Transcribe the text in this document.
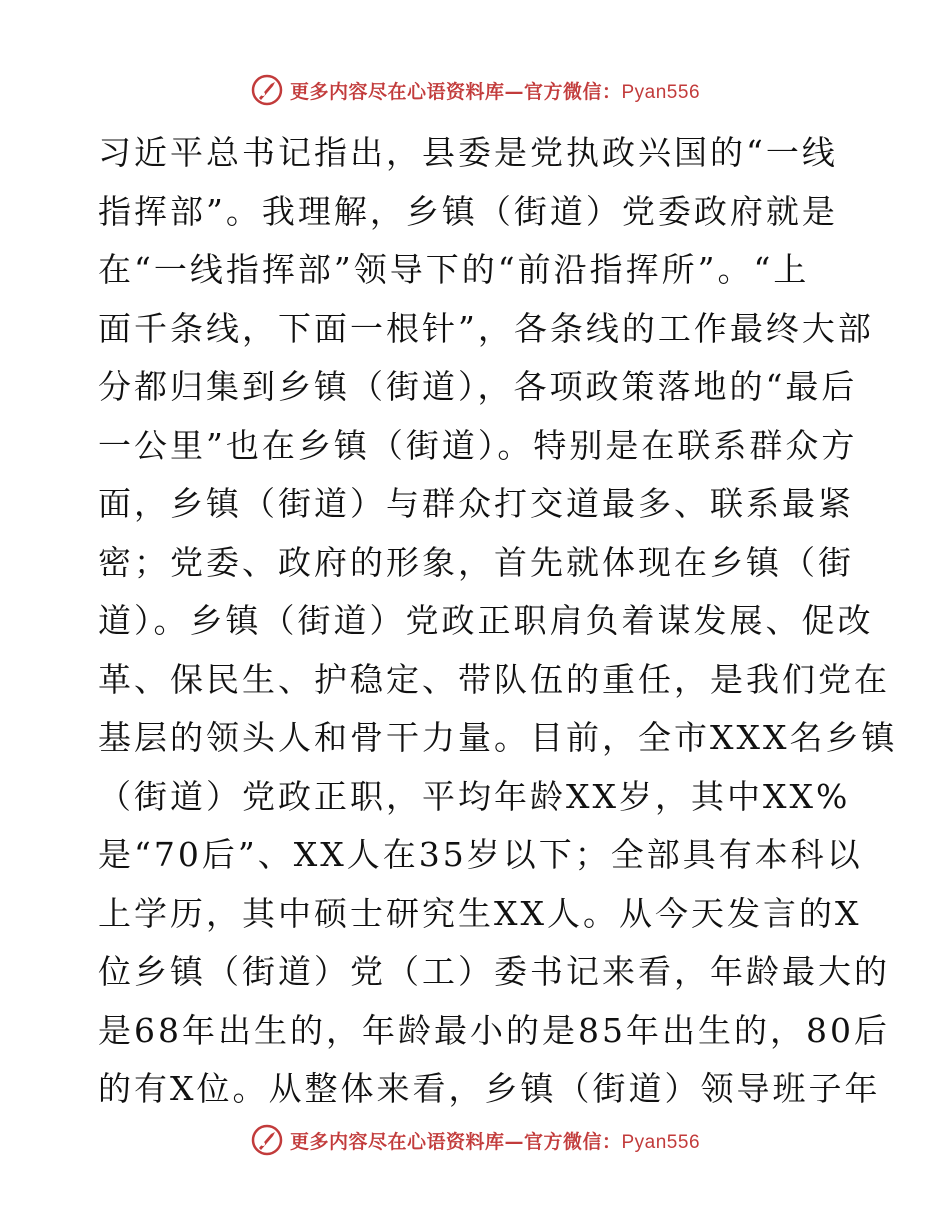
更多内容尽在心语资料库—官方微信：Pyan556
习近平总书记指出，县委是党执政兴国的“一线
指挥部”。我理解，乡镇（街道）党委政府就是
在“一线指挥部”领导下的“前沿指挥所”。“上
面千条线，下面一根针”，各条线的工作最终大部
分都归集到乡镇（街道），各项政策落地的“最后
一公里”也在乡镇（街道）。特别是在联系群众方
面，乡镇（街道）与群众打交道最多、联系最紧
密；党委、政府的形象，首先就体现在乡镇（街
道）。乡镇（街道）党政正职肩负着谋发展、促改
革、保民生、护稳定、带队伍的重任，是我们党在
基层的领头人和骨干力量。目前，全市XXX名乡镇
（街道）党政正职，平均年龄XX岁，其中XX%
是“70后”、XX人在35岁以下；全部具有本科以
上学历，其中硕士研究生XX人。从今天发言的X
位乡镇（街道）党（工）委书记来看，年龄最大的
是68年出生的，年龄最小的是85年出生的，80后
的有X位。从整体来看，乡镇（街道）领导班子年
更多内容尽在心语资料库—官方微信：Pyan556
